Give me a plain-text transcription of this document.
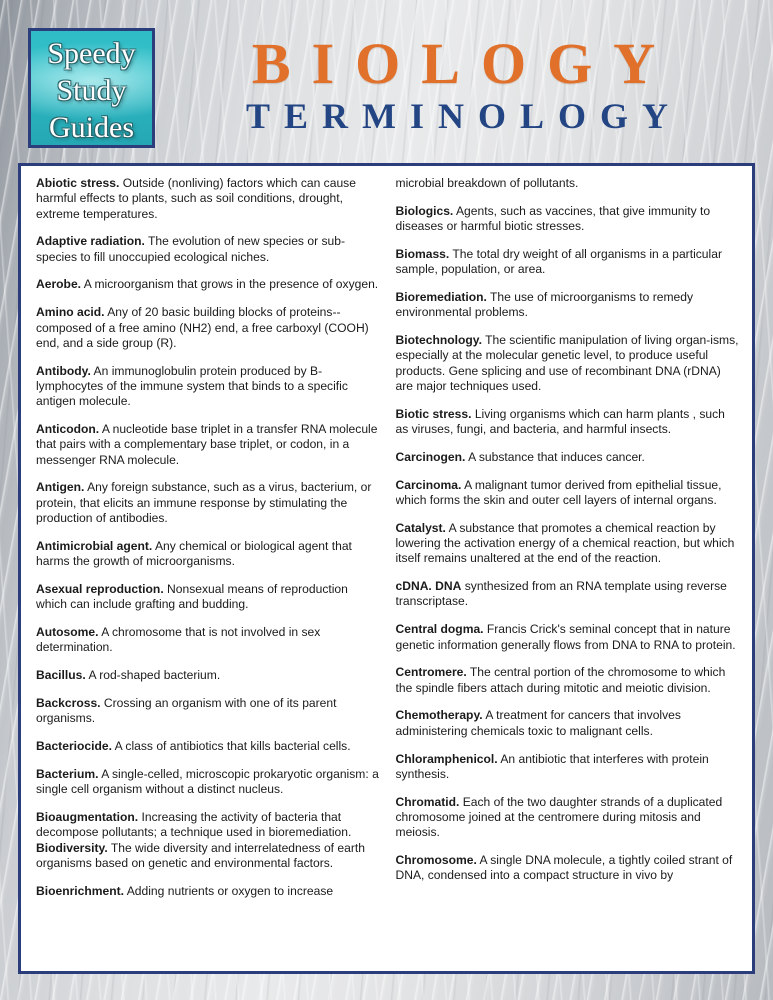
Speedy
Study
Guides
BIOLOGY
TERMINOLOGY

Abiotic stress. Outside (nonliving) factors which can cause harmful effects to plants, such as soil conditions, drought, extreme temperatures.

Adaptive radiation. The evolution of new species or sub-species to fill unoccupied ecological niches.

Aerobe. A microorganism that grows in the presence of oxygen.

Amino acid. Any of 20 basic building blocks of proteins--composed of a free amino (NH2) end, a free carboxyl (COOH) end, and a side group (R).

Antibody. An immunoglobulin protein produced by B-lymphocytes of the immune system that binds to a specific antigen molecule.

Anticodon. A nucleotide base triplet in a transfer RNA molecule that pairs with a complementary base triplet, or codon, in a messenger RNA molecule.

Antigen. Any foreign substance, such as a virus, bacterium, or protein, that elicits an immune response by stimulating the production of antibodies.

Antimicrobial agent. Any chemical or biological agent that harms the growth of microorganisms.

Asexual reproduction. Nonsexual means of reproduction which can include grafting and budding.

Autosome. A chromosome that is not involved in sex determination.

Bacillus. A rod-shaped bacterium.

Backcross. Crossing an organism with one of its parent organisms.

Bacteriocide. A class of antibiotics that kills bacterial cells.

Bacterium. A single-celled, microscopic prokaryotic organism: a single cell organism without a distinct nucleus.

Bioaugmentation. Increasing the activity of bacteria that decompose pollutants; a technique used in bioremediation.

Biodiversity. The wide diversity and interrelatedness of earth organisms based on genetic and environmental factors.

Bioenrichment. Adding nutrients or oxygen to increase

microbial breakdown of pollutants.

Biologics. Agents, such as vaccines, that give immunity to diseases or harmful biotic stresses.

Biomass. The total dry weight of all organisms in a particular sample, population, or area.

Bioremediation. The use of microorganisms to remedy environmental problems.

Biotechnology. The scientific manipulation of living organ-isms, especially at the molecular genetic level, to produce useful products. Gene splicing and use of recombinant DNA (rDNA) are major techniques used.

Biotic stress. Living organisms which can harm plants , such as viruses, fungi, and bacteria, and harmful insects.

Carcinogen. A substance that induces cancer.

Carcinoma. A malignant tumor derived from epithelial tissue, which forms the skin and outer cell layers of internal organs.

Catalyst. A substance that promotes a chemical reaction by lowering the activation energy of a chemical reaction, but which itself remains unaltered at the end of the reaction.

cDNA. DNA synthesized from an RNA template using reverse transcriptase.

Central dogma. Francis Crick's seminal concept that in nature genetic information generally flows from DNA to RNA to protein.

Centromere. The central portion of the chromosome to which the spindle fibers attach during mitotic and meiotic division.

Chemotherapy. A treatment for cancers that involves administering chemicals toxic to malignant cells.

Chloramphenicol. An antibiotic that interferes with protein synthesis.

Chromatid. Each of the two daughter strands of a duplicated chromosome joined at the centromere during mitosis and meiosis.

Chromosome. A single DNA molecule, a tightly coiled strant of DNA, condensed into a compact structure in vivo by
